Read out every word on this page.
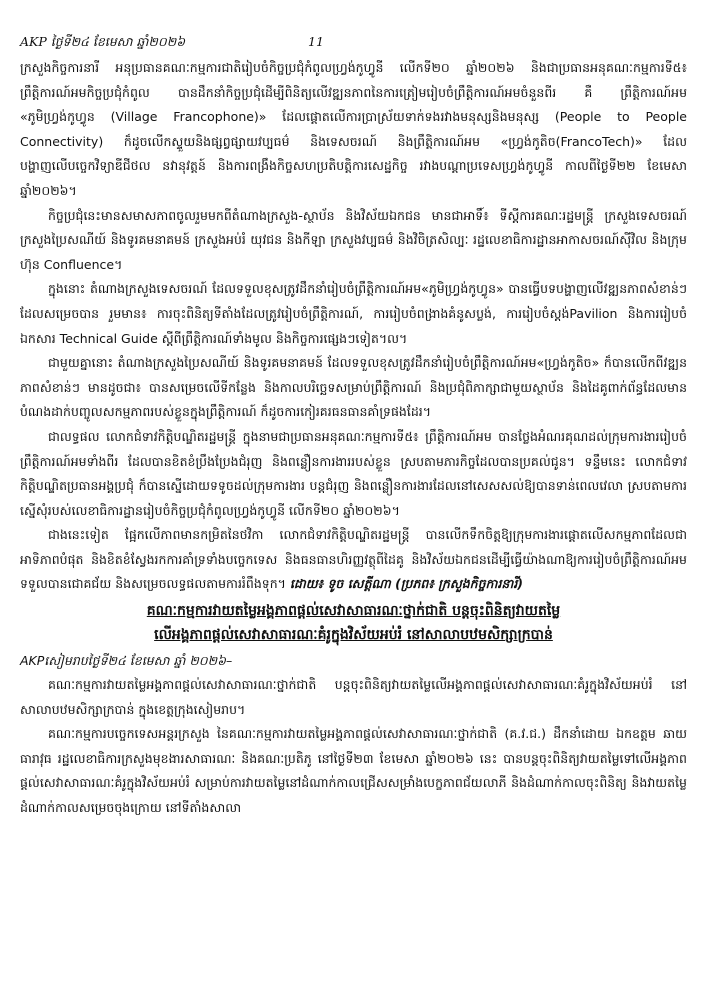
AKP ថ្ងៃទី២៤ ខែមេសា ឆ្នាំ២០២៦	11

ក្រសួងកិច្ចការនារី អនុប្រធានគណៈកម្មការជាតិរៀបចំកិច្ចប្រជុំកំពូលហ្វ្រង់កូហ្វូនី លើកទី២០ ឆ្នាំ២០២៦ និងជាប្រធានអនុគណៈកម្មការទី៥៖ ព្រឹត្តិការណ៍អមកិច្ចប្រជុំកំពូល បានដឹកនាំកិច្ចប្រជុំដើម្បីពិនិត្យលើវឌ្ឍនភាពនៃការត្រៀមរៀបចំព្រឹត្តិការណ៍អមចំនួនពីរ គឺ ព្រឹត្តិការណ៍អម «ភូមិហ្វ្រង់កូហ្វូន (Village Francophone)» ដែលផ្តោតលើការប្រាស្រ័យទាក់ទងរវាងមនុស្សនិងមនុស្ស (People to People Connectivity) ក៏ដូចលើកស្ទួយនិងផ្សព្វផ្សាយវប្បធម៌ និងទេសចរណ៍ និងព្រឹត្តិការណ៍អម «ហ្វ្រង់កូតិច(FrancoTech)» ដែលបង្ហាញលើបច្ចេកវិទ្យាឌីជីថល នវានុវត្តន៍ និងការពង្រឹងកិច្ចសហប្រតិបត្តិការសេដ្ឋកិច្ច រវាងបណ្តាប្រទេសហ្វ្រង់កូហ្វូនី កាលពីថ្ងៃទី២២ ខែមេសា ឆ្នាំ២០២៦។

កិច្ចប្រជុំនេះមានសមាសភាពចូលរួមមកពីតំណាងក្រសួង-ស្ថាប័ន និងវិស័យឯកជន មានជាអាទិ៍៖ ទីស្តីការគណៈរដ្ឋមន្ត្រី ក្រសួងទេសចរណ៍ ក្រសួងប្រៃសណីយ៍ និងទូរគមនាគមន៍ ក្រសួងអប់រំ យុវជន និងកីឡា ក្រសួងវប្បធម៌ និងវិចិត្រសិល្បៈ រដ្ឋលេខាធិការដ្ឋានអាកាសចរណ៍ស៊ីវិល និងក្រុមហ៊ុន Confluence។

ក្នុងនោះ តំណាងក្រសួងទេសចរណ៍ ដែលទទួលខុសត្រូវដឹកនាំរៀបចំព្រឹត្តិការណ៍អម«ភូមិហ្វ្រង់កូហ្វូន» បានធ្វើបទបង្ហាញលើវឌ្ឍនភាពសំខាន់ៗដែលសម្រេចបាន រួមមាន៖ ការចុះពិនិត្យទីតាំងដែលត្រូវរៀបចំព្រឹត្តិការណ៍, ការរៀបចំពង្រាងគំនូសប្លង់, ការរៀបចំស្តង់Pavilion និងការរៀបចំឯកសារ Technical Guide ស្តីពីព្រឹត្តិការណ៍ទាំងមូល និងកិច្ចការផ្សេងៗទៀត។ល។

ជាមួយគ្នានោះ តំណាងក្រសួងប្រៃសណីយ៍ និងទូរគមនាគមន៍ ដែលទទួលខុសត្រូវដឹកនាំរៀបចំព្រឹត្តិការណ៍អម«ហ្វ្រង់កូតិច» ក៏បានលើកពីវឌ្ឍនភាពសំខាន់ៗ មានដូចជា៖ បានសម្រេចលើទីកន្លែង និងកាលបរិច្ឆេទសម្រាប់ព្រឹត្តិការណ៍ និងប្រជុំពិភាក្សាជាមួយស្ថាប័ន និងដៃគូពាក់ព័ន្ធដែលមានបំណងដាក់បញ្ចូលសកម្មភាពរបស់ខ្លួនក្នុងព្រឹត្តិការណ៍ ក៏ដូចការកៀរគរធនធានគាំទ្រផងដែរ។

ជាលទ្ធផល លោកជំទាវកិត្តិបណ្ឌិតរដ្ឋមន្ត្រី ក្នុងនាមជាប្រធានអនុគណៈកម្មការទី៥៖ ព្រឹត្តិការណ៍អម បានថ្លែងអំណរគុណដល់ក្រុមការងាររៀបចំព្រឹត្តិការណ៍អមទាំងពីរ ដែលបានខិតខំប្រឹងប្រែងជំរុញ និងពន្លឿនការងាររបស់ខ្លួន ស្របតាមភារកិច្ចដែលបានប្រគល់ជូន។ ទន្ទឹមនេះ លោកជំទាវកិត្តិបណ្ឌិតប្រធានអង្គប្រជុំ ក៏បានស្នើដោយទទូចដល់ក្រុមការងារ បន្តជំរុញ និងពន្លឿនការងារដែលនៅសេសសល់ឱ្យបានទាន់ពេលវេលា ស្របតាមការស្នើសុំរបស់លេខាធិការដ្ឋានរៀបចំកិច្ចប្រជុំកំពូលហ្វ្រង់កូហ្វូនី លើកទី២០ ឆ្នាំ២០២៦។

ជាងនេះទៀត ផ្អែកលើភាពមានកម្រិតនៃថវិកា លោកជំទាវកិត្តិបណ្ឌិតរដ្ឋមន្ត្រី បានលើកទឹកចិត្តឱ្យក្រុមការងារផ្តោតលើសកម្មភាពដែលជាអាទិភាពបំផុត និងខិតខំស្វែងរកការគាំទ្រទាំងបច្ចេកទេស និងធនធានហិរញ្ញវត្ថុពីដៃគូ និងវិស័យឯកជនដើម្បីធ្វើយ៉ាងណាឱ្យការរៀបចំព្រឹត្តិការណ៍អម ទទួលបានជោគជ័យ និងសម្រេចលទ្ធផលតាមការរំពឹងទុក។ ដោយ៖ ទូច សេត្តីណា (ប្រភព៖ ក្រសួងកិច្ចការនារី)

គណៈកម្មការវាយតម្លៃអង្គភាពផ្តល់សេវាសាធារណៈថ្នាក់ជាតិ បន្តចុះពិនិត្យវាយតម្លៃ
លើអង្គភាពផ្តល់សេវាសាធារណៈគំរូក្នុងវិស័យអប់រំ នៅសាលាបឋមសិក្សាក្របាន់

AKPសៀមរាបថ្ងៃទី២៤ ខែមេសា ឆ្នាំ ២០២៦–

គណៈកម្មការវាយតម្លៃអង្គភាពផ្តល់សេវាសាធារណៈថ្នាក់ជាតិ បន្តចុះពិនិត្យវាយតម្លៃលើអង្គភាពផ្តល់សេវាសាធារណៈគំរូក្នុងវិស័យអប់រំ នៅសាលាបឋមសិក្សាក្របាន់ ក្នុងខេត្តក្រុងសៀមរាប។

គណៈកម្មការបច្ចេកទេសអន្តរក្រសួង នៃគណៈកម្មការវាយតម្លៃអង្គភាពផ្តល់សេវាសាធារណៈថ្នាក់ជាតិ (គ.វ.ជ.) ដឹកនាំដោយ ឯកឧត្តម ឆាយ ធារាវុធ រដ្ឋលេខាធិការក្រសួងមុខងារសាធារណៈ និងគណៈប្រតិភូ នៅថ្ងៃទី២៣ ខែមេសា ឆ្នាំ២០២៦ នេះ បានបន្តចុះពិនិត្យវាយតម្លៃទៅលើអង្គភាពផ្តល់សេវាសាធារណៈគំរូក្នុងវិស័យអប់រំ សម្រាប់ការវាយតម្លៃនៅដំណាក់កាលជ្រើសសម្រាំងបេក្ខភាពជ័យលាភី និងដំណាក់កាលចុះពិនិត្យ និងវាយតម្លៃដំណាក់កាលសម្រេចចុងក្រោយ នៅទីតាំងសាលា
